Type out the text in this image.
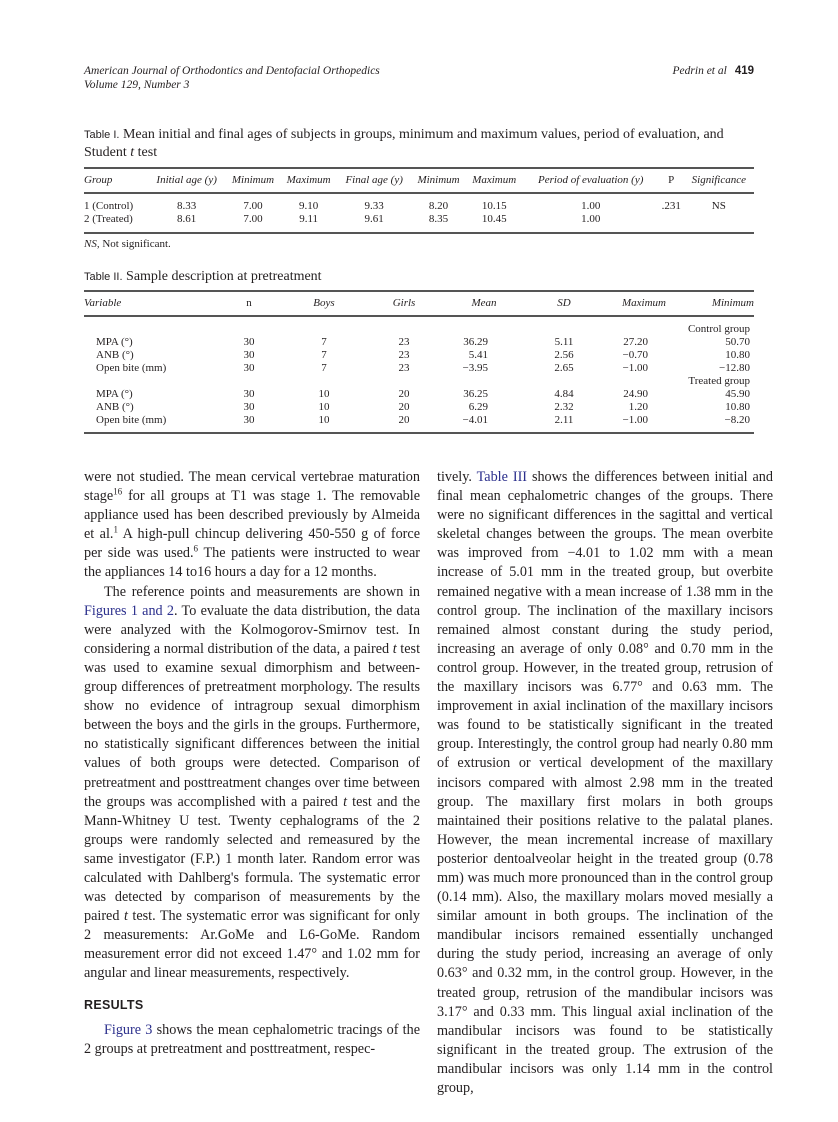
American Journal of Orthodontics and Dentofacial Orthopedics
Volume 129, Number 3
Pedrin et al 419
Table I. Mean initial and final ages of subjects in groups, minimum and maximum values, period of evaluation, and Student t test
Group	Initial age (y)	Minimum	Maximum	Final age (y)	Minimum	Maximum	Period of evaluation (y)	P	Significance
1 (Control)	8.33	7.00	9.10	9.33	8.20	10.15	1.00	.231	NS
2 (Treated)	8.61	7.00	9.11	9.61	8.35	10.45	1.00		
NS, Not significant.
Table II. Sample description at pretreatment
Variable	n	Boys	Girls	Mean	SD	Maximum	Minimum
Control group							
MPA (°)	30	7	23	36.29	5.11	27.20	50.70
ANB (°)	30	7	23	5.41	2.56	−0.70	10.80
Open bite (mm)	30	7	23	−3.95	2.65	−1.00	−12.80
Treated group							
MPA (°)	30	10	20	36.25	4.84	24.90	45.90
ANB (°)	30	10	20	6.29	2.32	1.20	10.80
Open bite (mm)	30	10	20	−4.01	2.11	−1.00	−8.20

were not studied. The mean cervical vertebrae maturation stage$^{16}$ for all groups at T1 was stage 1. The removable appliance used has been described previously by Almeida et al.$^1$ A high-pull chincup delivering 450-550 g of force per side was used.$^6$ The patients were instructed to wear the appliances 14 to16 hours a day for a 12 months.

The reference points and measurements are shown in Figures 1 and 2. To evaluate the data distribution, the data were analyzed with the Kolmogorov-Smirnov test. In considering a normal distribution of the data, a paired t test was used to examine sexual dimorphism and between-group differences of pretreatment morphology. The results show no evidence of intragroup sexual dimorphism between the boys and the girls in the groups. Furthermore, no statistically significant differences between the initial values of both groups were detected. Comparison of pretreatment and posttreatment changes over time between the groups was accomplished with a paired t test and the Mann-Whitney U test. Twenty cephalograms of the 2 groups were randomly selected and remeasured by the same investigator (F.P.) 1 month later. Random error was calculated with Dahlberg's formula. The systematic error was detected by comparison of measurements by the paired t test. The systematic error was significant for only 2 measurements: Ar.GoMe and L6-GoMe. Random measurement error did not exceed 1.47° and 1.02 mm for angular and linear measurements, respectively.

RESULTS

Figure 3 shows the mean cephalometric tracings of the 2 groups at pretreatment and posttreatment, respec-

tively. Table III shows the differences between initial and final mean cephalometric changes of the groups. There were no significant differences in the sagittal and vertical skeletal changes between the groups. The mean overbite was improved from −4.01 to 1.02 mm with a mean increase of 5.01 mm in the treated group, but overbite remained negative with a mean increase of 1.38 mm in the control group. The inclination of the maxillary incisors remained almost constant during the study period, increasing an average of only 0.08° and 0.70 mm in the control group. However, in the treated group, retrusion of the maxillary incisors was 6.77° and 0.63 mm. The improvement in axial inclination of the maxillary incisors was found to be statistically significant in the treated group. Interestingly, the control group had nearly 0.80 mm of extrusion or vertical development of the maxillary incisors compared with almost 2.98 mm in the treated group. The maxillary first molars in both groups maintained their positions relative to the palatal planes. However, the mean incremental increase of maxillary posterior dentoalveolar height in the treated group (0.78 mm) was much more pronounced than in the control group (0.14 mm). Also, the maxillary molars moved mesially a similar amount in both groups. The inclination of the mandibular incisors remained essentially unchanged during the study period, increasing an average of only 0.63° and 0.32 mm, in the control group. However, in the treated group, retrusion of the mandibular incisors was 3.17° and 0.33 mm. This lingual axial inclination of the mandibular incisors was found to be statistically significant in the treated group. The extrusion of the mandibular incisors was only 1.14 mm in the control group,
